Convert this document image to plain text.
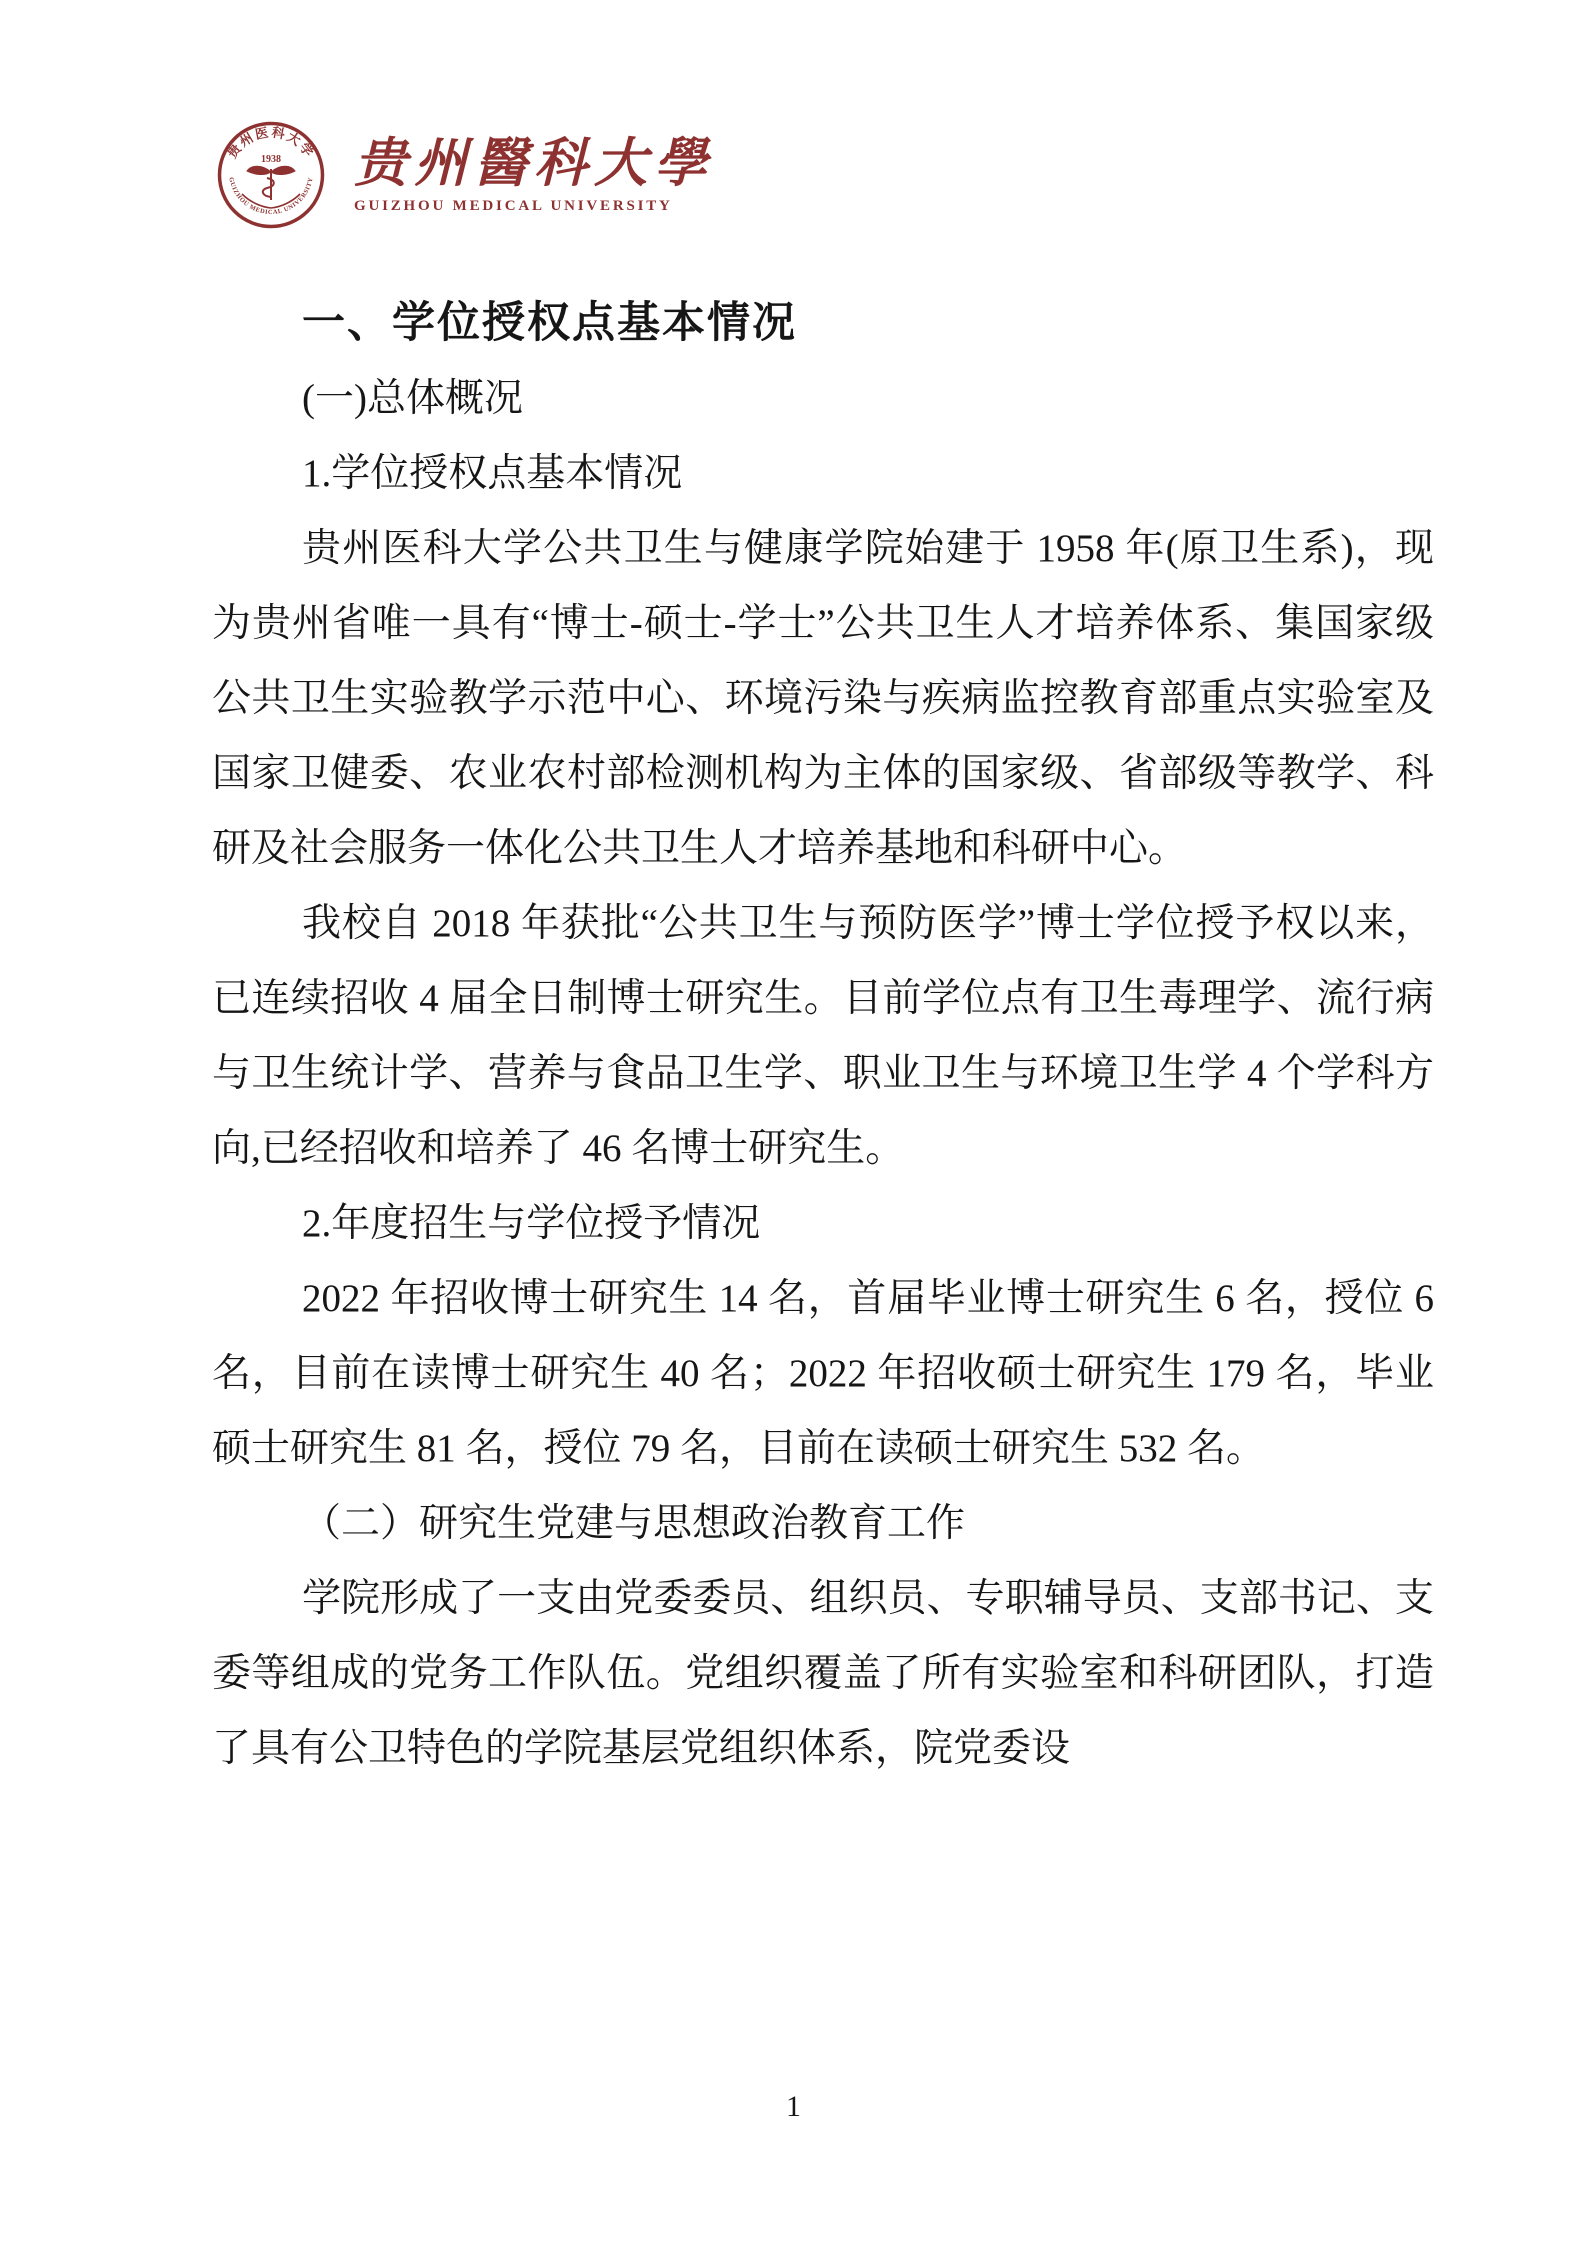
贵州医科大学
1938
GUIZHOU MEDICAL UNIVERSITY 贵州醫科大學
GUIZHOU MEDICAL UNIVERSITY

一、学位授权点基本情况

(一)总体概况

1.学位授权点基本情况

贵州医科大学公共卫生与健康学院始建于 1958 年(原卫生系)，现为贵州省唯一具有“博士-硕士-学士”公共卫生人才培养体系、集国家级公共卫生实验教学示范中心、环境污染与疾病监控教育部重点实验室及国家卫健委、农业农村部检测机构为主体的国家级、省部级等教学、科研及社会服务一体化公共卫生人才培养基地和科研中心。

我校自 2018 年获批“公共卫生与预防医学”博士学位授予权以来，已连续招收 4 届全日制博士研究生。目前学位点有卫生毒理学、流行病与卫生统计学、营养与食品卫生学、职业卫生与环境卫生学 4 个学科方向,已经招收和培养了 46 名博士研究生。

2.年度招生与学位授予情况

2022 年招收博士研究生 14 名，首届毕业博士研究生 6 名，授位 6 名，目前在读博士研究生 40 名；2022 年招收硕士研究生 179 名，毕业硕士研究生 81 名，授位 79 名，目前在读硕士研究生 532 名。

（二）研究生党建与思想政治教育工作

学院形成了一支由党委委员、组织员、专职辅导员、支部书记、支委等组成的党务工作队伍。党组织覆盖了所有实验室和科研团队，打造了具有公卫特色的学院基层党组织体系，院党委设

1
